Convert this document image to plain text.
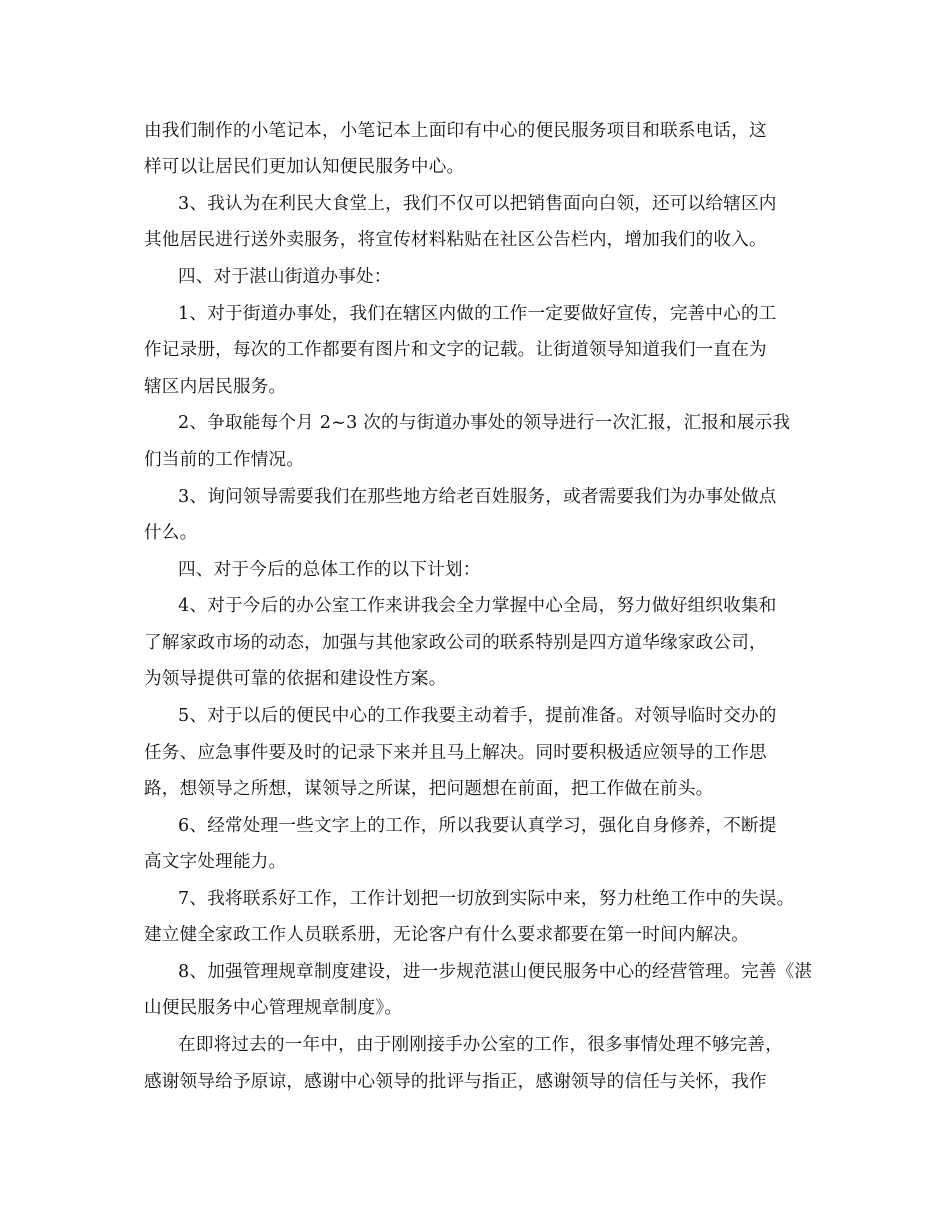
由我们制作的小笔记本，小笔记本上面印有中心的便民服务项目和联系电话，这
样可以让居民们更加认知便民服务中心。
3、我认为在利民大食堂上，我们不仅可以把销售面向白领，还可以给辖区内
其他居民进行送外卖服务，将宣传材料粘贴在社区公告栏内，增加我们的收入。
四、对于湛山街道办事处：
1、对于街道办事处，我们在辖区内做的工作一定要做好宣传，完善中心的工
作记录册，每次的工作都要有图片和文字的记载。让街道领导知道我们一直在为
辖区内居民服务。
2、争取能每个月 2~3 次的与街道办事处的领导进行一次汇报，汇报和展示我
们当前的工作情况。
3、询问领导需要我们在那些地方给老百姓服务，或者需要我们为办事处做点
什么。
四、对于今后的总体工作的以下计划：
4、对于今后的办公室工作来讲我会全力掌握中心全局，努力做好组织收集和
了解家政市场的动态，加强与其他家政公司的联系特别是四方道华缘家政公司，
为领导提供可靠的依据和建设性方案。
5、对于以后的便民中心的工作我要主动着手，提前准备。对领导临时交办的
任务、应急事件要及时的记录下来并且马上解决。同时要积极适应领导的工作思
路，想领导之所想，谋领导之所谋，把问题想在前面，把工作做在前头。
6、经常处理一些文字上的工作，所以我要认真学习，强化自身修养，不断提
高文字处理能力。
7、我将联系好工作，工作计划把一切放到实际中来，努力杜绝工作中的失误。
建立健全家政工作人员联系册，无论客户有什么要求都要在第一时间内解决。
8、加强管理规章制度建设，进一步规范湛山便民服务中心的经营管理。完善《湛
山便民服务中心管理规章制度》。
在即将过去的一年中，由于刚刚接手办公室的工作，很多事情处理不够完善，
感谢领导给予原谅，感谢中心领导的批评与指正，感谢领导的信任与关怀，我作
